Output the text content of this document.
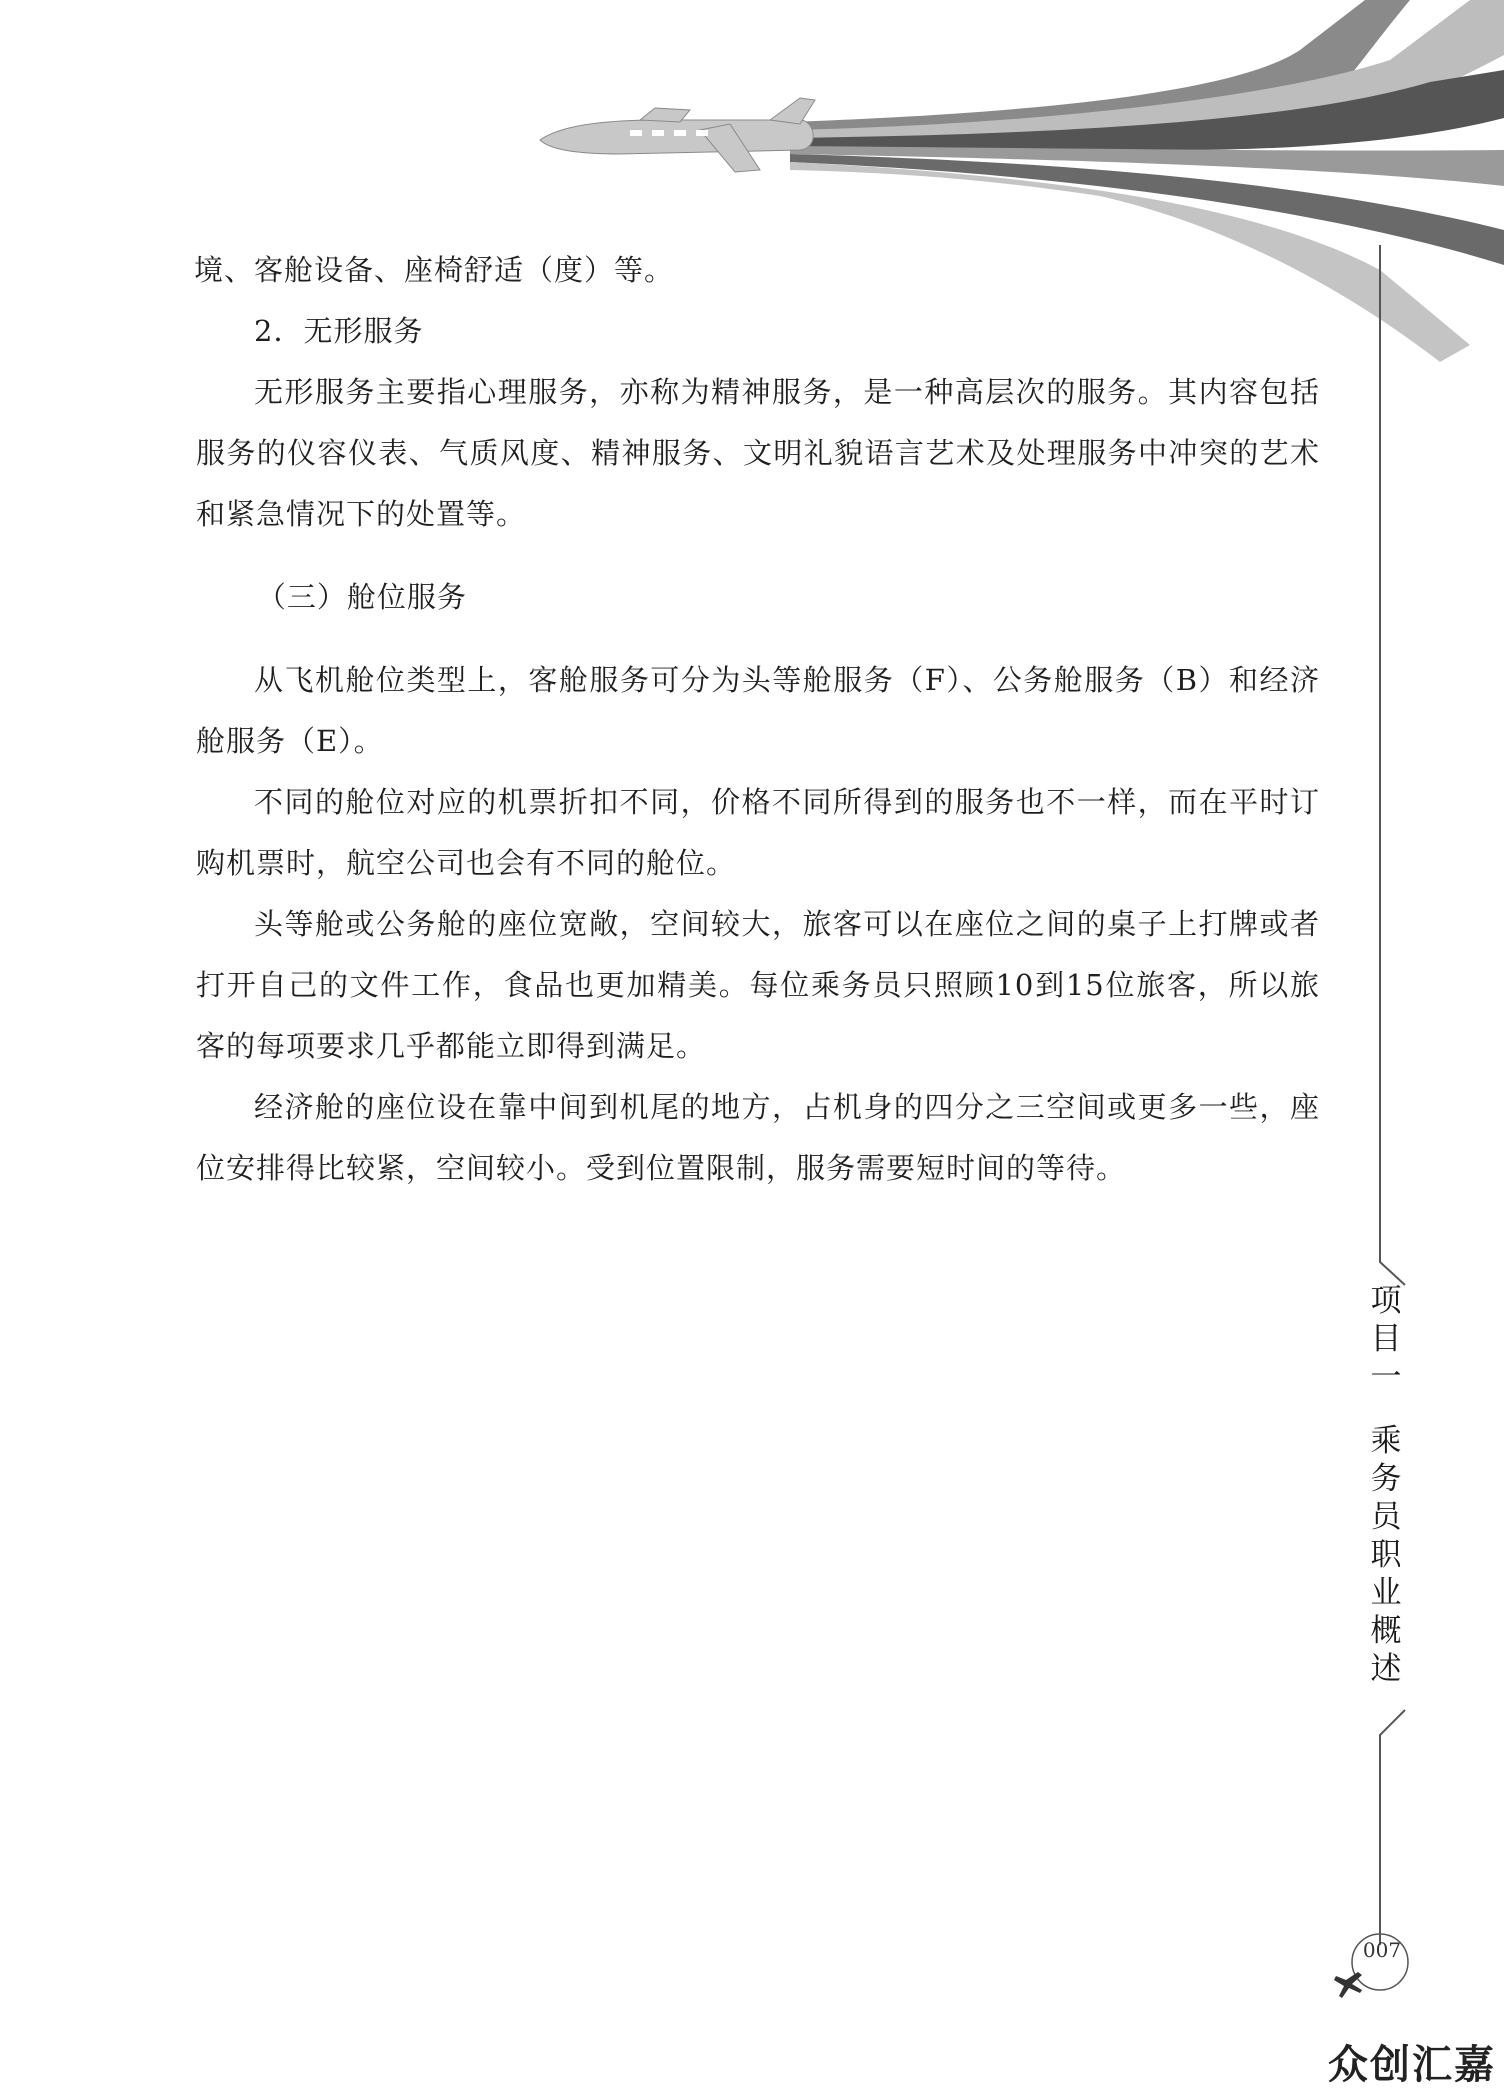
境、客舱设备、座椅舒适（度）等。

2．无形服务

无形服务主要指心理服务，亦称为精神服务，是一种高层次的服务。其内容包括服务的仪容仪表、气质风度、精神服务、文明礼貌语言艺术及处理服务中冲突的艺术和紧急情况下的处置等。

（三）舱位服务

从飞机舱位类型上，客舱服务可分为头等舱服务（F）、公务舱服务（B）和经济舱服务（E）。

不同的舱位对应的机票折扣不同，价格不同所得到的服务也不一样，而在平时订购机票时，航空公司也会有不同的舱位。

头等舱或公务舱的座位宽敞，空间较大，旅客可以在座位之间的桌子上打牌或者打开自己的文件工作，食品也更加精美。每位乘务员只照顾10到15位旅客，所以旅客的每项要求几乎都能立即得到满足。

经济舱的座位设在靠中间到机尾的地方，占机身的四分之三空间或更多一些，座位安排得比较紧，空间较小。受到位置限制，服务需要短时间的等待。

项
目
一
乘
务
员
职
业
概
述
007
众创汇嘉
